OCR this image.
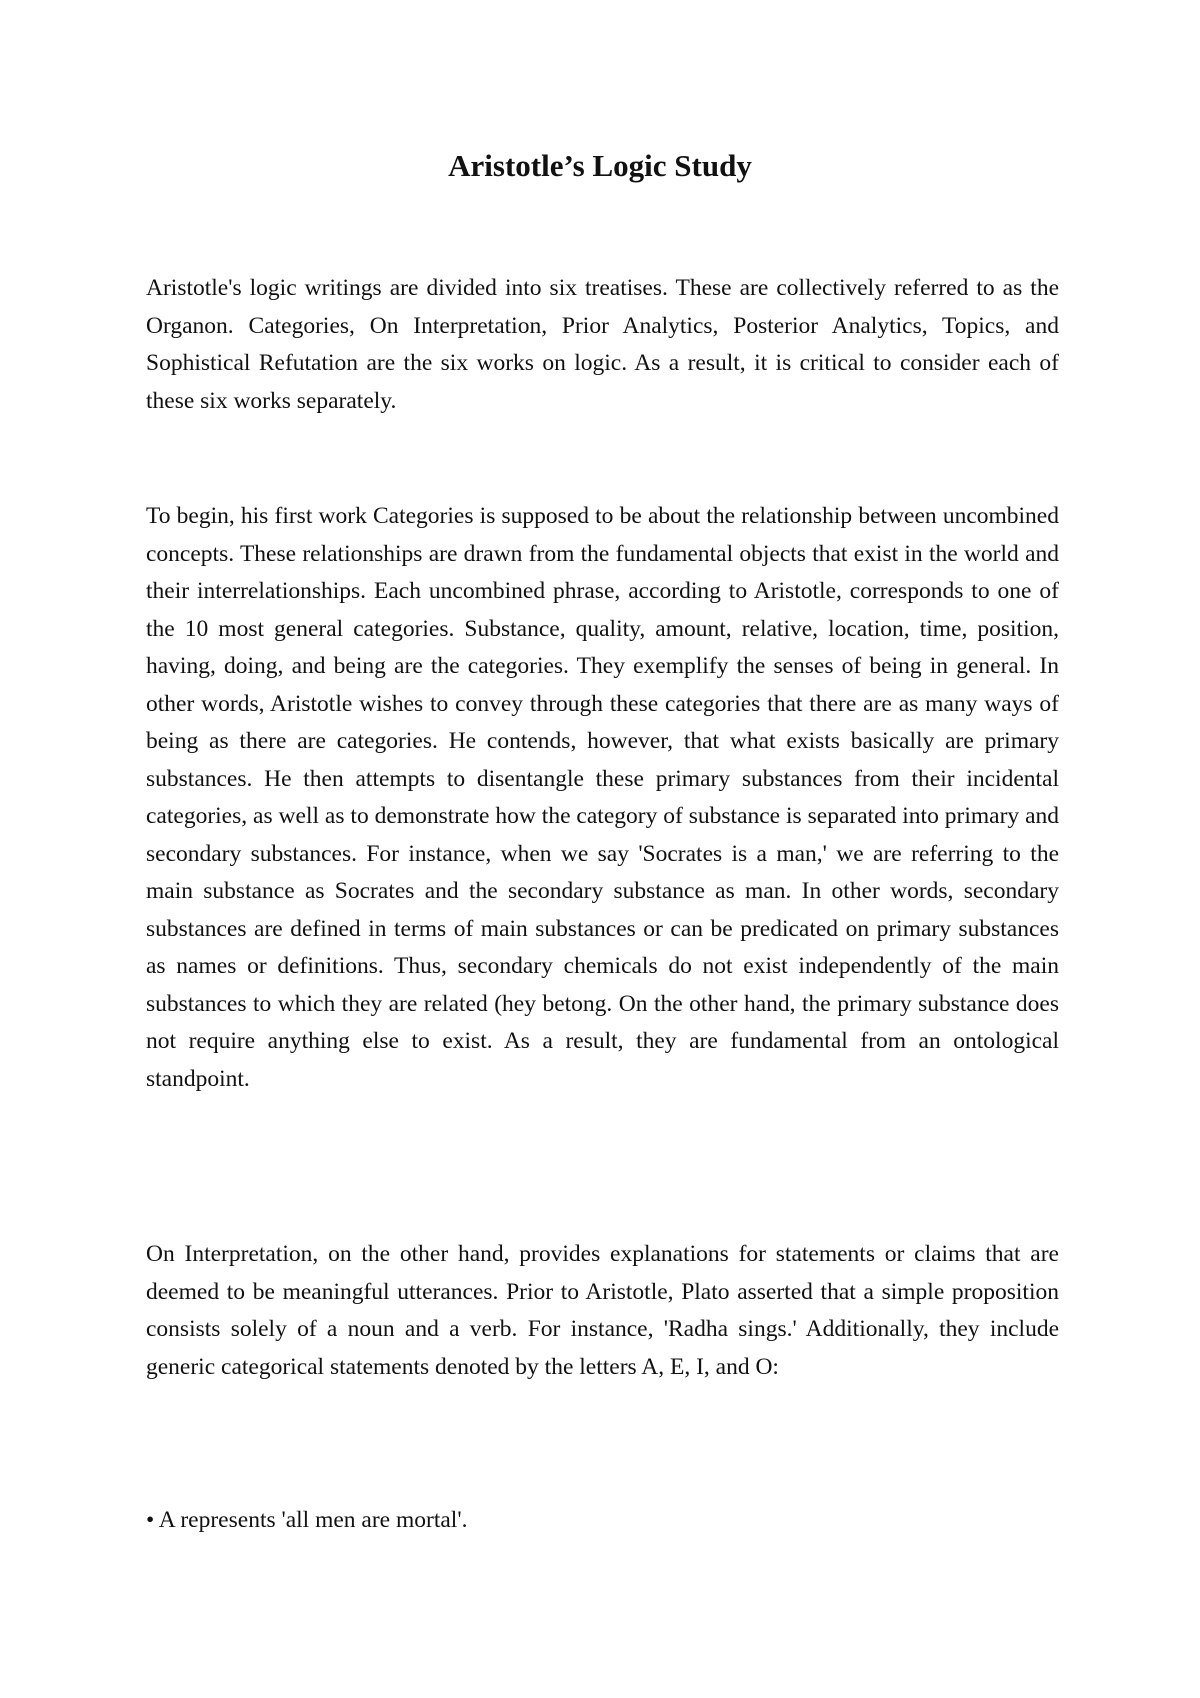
Aristotle’s Logic Study

Aristotle's logic writings are divided into six treatises. These are collectively referred to as the Organon. Categories, On Interpretation, Prior Analytics, Posterior Analytics, Topics, and Sophistical Refutation are the six works on logic. As a result, it is critical to consider each of these six works separately.

To begin, his first work Categories is supposed to be about the relationship between uncombined concepts. These relationships are drawn from the fundamental objects that exist in the world and their interrelationships. Each uncombined phrase, according to Aristotle, corresponds to one of the 10 most general categories. Substance, quality, amount, relative, location, time, position, having, doing, and being are the categories. They exemplify the senses of being in general. In other words, Aristotle wishes to convey through these categories that there are as many ways of being as there are categories. He contends, however, that what exists basically are primary substances. He then attempts to disentangle these primary substances from their incidental categories, as well as to demonstrate how the category of substance is separated into primary and secondary substances. For instance, when we say 'Socrates is a man,' we are referring to the main substance as Socrates and the secondary substance as man. In other words, secondary substances are defined in terms of main substances or can be predicated on primary substances as names or definitions. Thus, secondary chemicals do not exist independently of the main substances to which they are related (hey betong. On the other hand, the primary substance does not require anything else to exist. As a result, they are fundamental from an ontological standpoint.

On Interpretation, on the other hand, provides explanations for statements or claims that are deemed to be meaningful utterances. Prior to Aristotle, Plato asserted that a simple proposition consists solely of a noun and a verb. For instance, 'Radha sings.' Additionally, they include generic categorical statements denoted by the letters A, E, I, and O:

• A represents 'all men are mortal'.
